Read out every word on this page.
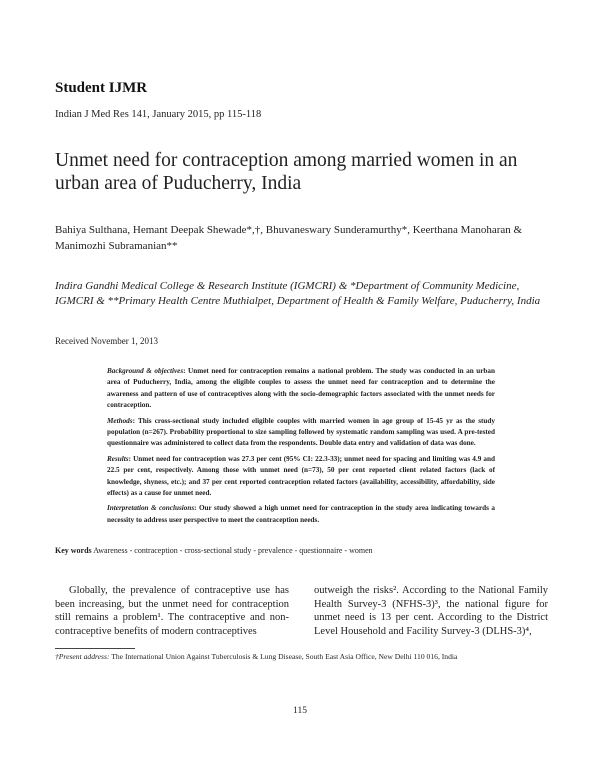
Student IJMR
Indian J Med Res 141, January 2015, pp 115-118
Unmet need for contraception among married women in an urban area of Puducherry, India
Bahiya Sulthana, Hemant Deepak Shewade*,†, Bhuvaneswary Sunderamurthy*, Keerthana Manoharan & Manimozhi Subramanian**
Indira Gandhi Medical College & Research Institute (IGMCRI) & *Department of Community Medicine, IGMCRI & **Primary Health Centre Muthialpet, Department of Health & Family Welfare, Puducherry, India
Received November 1, 2013

Background & objectives: Unmet need for contraception remains a national problem. The study was conducted in an urban area of Puducherry, India, among the eligible couples to assess the unmet need for contraception and to determine the awareness and pattern of use of contraceptives along with the socio-demographic factors associated with the unmet needs for contraception.

Methods: This cross-sectional study included eligible couples with married women in age group of 15-45 yr as the study population (n=267). Probability proportional to size sampling followed by systematic random sampling was used. A pre-tested questionnaire was administered to collect data from the respondents. Double data entry and validation of data was done.

Results: Unmet need for contraception was 27.3 per cent (95% CI: 22.3-33); unmet need for spacing and limiting was 4.9 and 22.5 per cent, respectively. Among those with unmet need (n=73), 50 per cent reported client related factors (lack of knowledge, shyness, etc.); and 37 per cent reported contraception related factors (availability, accessibility, affordability, side effects) as a cause for unmet need.

Interpretation & conclusions: Our study showed a high unmet need for contraception in the study area indicating towards a necessity to address user perspective to meet the contraception needs.

Key words Awareness - contraception - cross-sectional study - prevalence - questionnaire - women
Globally, the prevalence of contraceptive use has been increasing, but the unmet need for contraception still remains a problem¹. The contraceptive and non-contraceptive benefits of modern contraceptives
outweigh the risks². According to the National Family Health Survey-3 (NFHS-3)³, the national figure for unmet need is 13 per cent. According to the District Level Household and Facility Survey-3 (DLHS-3)⁴,
†Present address: The International Union Against Tuberculosis & Lung Disease, South East Asia Office, New Delhi 110 016, India
115
